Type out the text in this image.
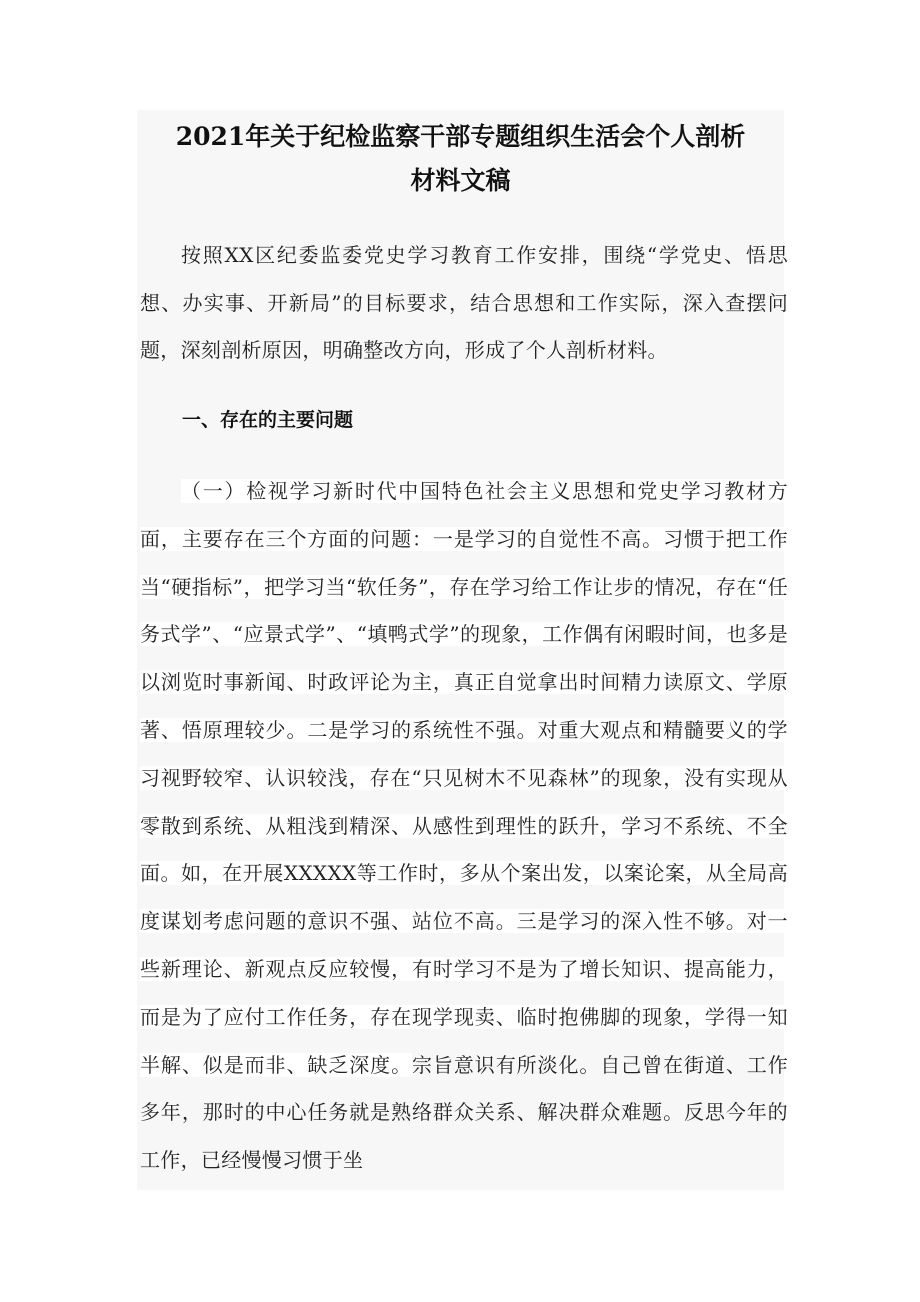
2021年关于纪检监察干部专题组织生活会个人剖析
材料文稿

按照XX区纪委监委党史学习教育工作安排，围绕“学党史、悟思想、办实事、开新局”的目标要求，结合思想和工作实际，深入查摆问题，深刻剖析原因，明确整改方向，形成了个人剖析材料。

一、存在的主要问题

（一）检视学习新时代中国特色社会主义思想和党史学习教材方面，主要存在三个方面的问题：一是学习的自觉性不高。习惯于把工作当“硬指标”，把学习当“软任务”，存在学习给工作让步的情况，存在“任务式学”、“应景式学”、“填鸭式学”的现象，工作偶有闲暇时间，也多是以浏览时事新闻、时政评论为主，真正自觉拿出时间精力读原文、学原著、悟原理较少。二是学习的系统性不强。对重大观点和精髓要义的学习视野较窄、认识较浅，存在“只见树木不见森林”的现象，没有实现从零散到系统、从粗浅到精深、从感性到理性的跃升，学习不系统、不全面。如，在开展XXXXX等工作时，多从个案出发，以案论案，从全局高度谋划考虑问题的意识不强、站位不高。三是学习的深入性不够。对一些新理论、新观点反应较慢，有时学习不是为了增长知识、提高能力，而是为了应付工作任务，存在现学现卖、临时抱佛脚的现象，学得一知半解、似是而非、缺乏深度。宗旨意识有所淡化。自己曾在街道、工作多年，那时的中心任务就是熟络群众关系、解决群众难题。反思今年的工作，已经慢慢习惯于坐
